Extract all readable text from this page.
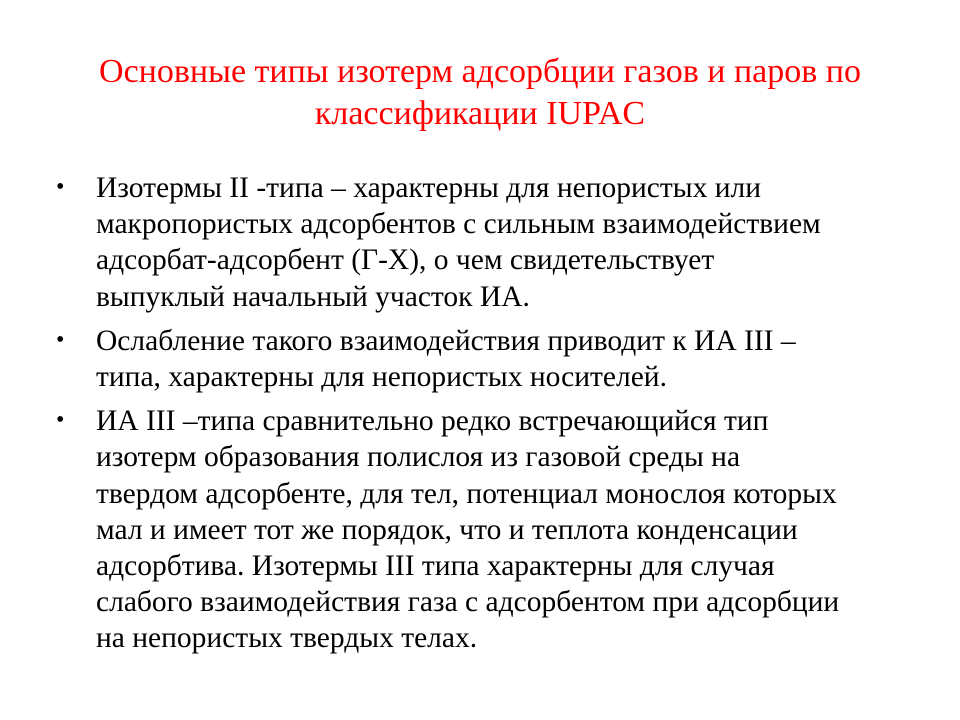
Основные типы изотерм адсорбции газов и паров по
классификации IUPAC
• Изотермы II -типа – характерны для непористых или
макропористых адсорбентов с сильным взаимодействием
адсорбат-адсорбент (Г-Х), о чем свидетельствует
выпуклый начальный участок ИА.
• Ослабление такого взаимодействия приводит к ИА III –
типа, характерны для непористых носителей.
• ИА III –типа сравнительно редко встречающийся тип
изотерм образования полислоя из газовой среды на
твердом адсорбенте, для тел, потенциал монослоя которых
мал и имеет тот же порядок, что и теплота конденсации
адсорбтива. Изотермы III типа характерны для случая
слабого взаимодействия газа с адсорбентом при адсорбции
на непористых твердых телах.
